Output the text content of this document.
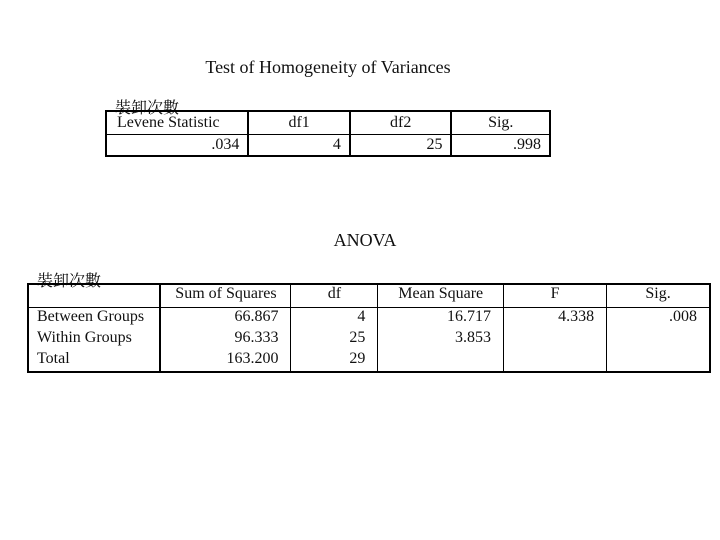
Test of Homogeneity of Variances
裝卸次數
Levene Statistic	df1	df2	Sig.
.034	4	25	.998
ANOVA
裝卸次數
	Sum of Squares	df	Mean Square	F	Sig.
Between Groups	66.867	4	16.717	4.338	.008
Within Groups	96.333	25	3.853		
Total	163.200	29			
